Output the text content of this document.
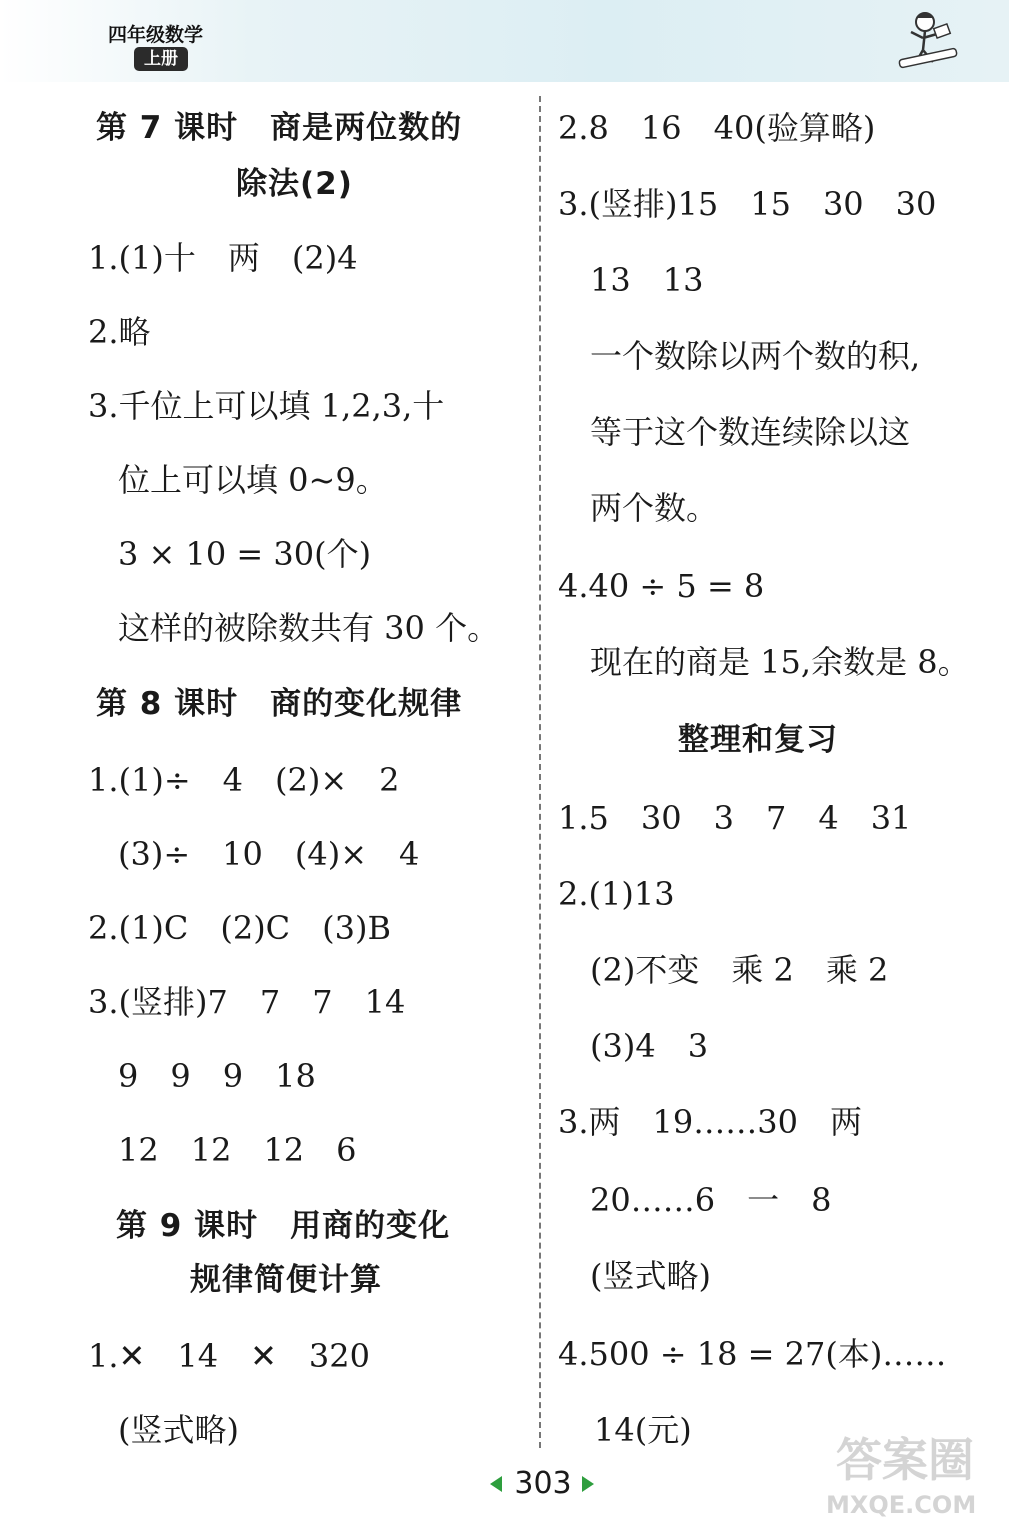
四年级数学
上册
第 7 课时　商是两位数的
除法(2)
1.(1)十　两　(2)4
2.略
3.千位上可以填 1,2,3,十
位上可以填 0~9。
3 × 10 = 30(个)
这样的被除数共有 30 个。
第 8 课时　商的变化规律
1.(1)÷　4　(2)×　2
(3)÷　10　(4)×　4
2.(1)C　(2)C　(3)B
3.(竖排)7　7　7　14
9　9　9　18
12　12　12　6
第 9 课时　用商的变化
规律简便计算
1.✕　14　✕　320
(竖式略)
2.8　16　40(验算略)
3.(竖排)15　15　30　30
13　13
一个数除以两个数的积,
等于这个数连续除以这
两个数。
4.40 ÷ 5 = 8
现在的商是 15,余数是 8。
整理和复习
1.5　30　3　7　4　31
2.(1)13
(2)不变　乘 2　乘 2
(3)4　3
3.两　19……30　两
20……6　一　8
(竖式略)
4.500 ÷ 18 = 27(本)……
14(元)
303	答案圈
MXQE.COM
